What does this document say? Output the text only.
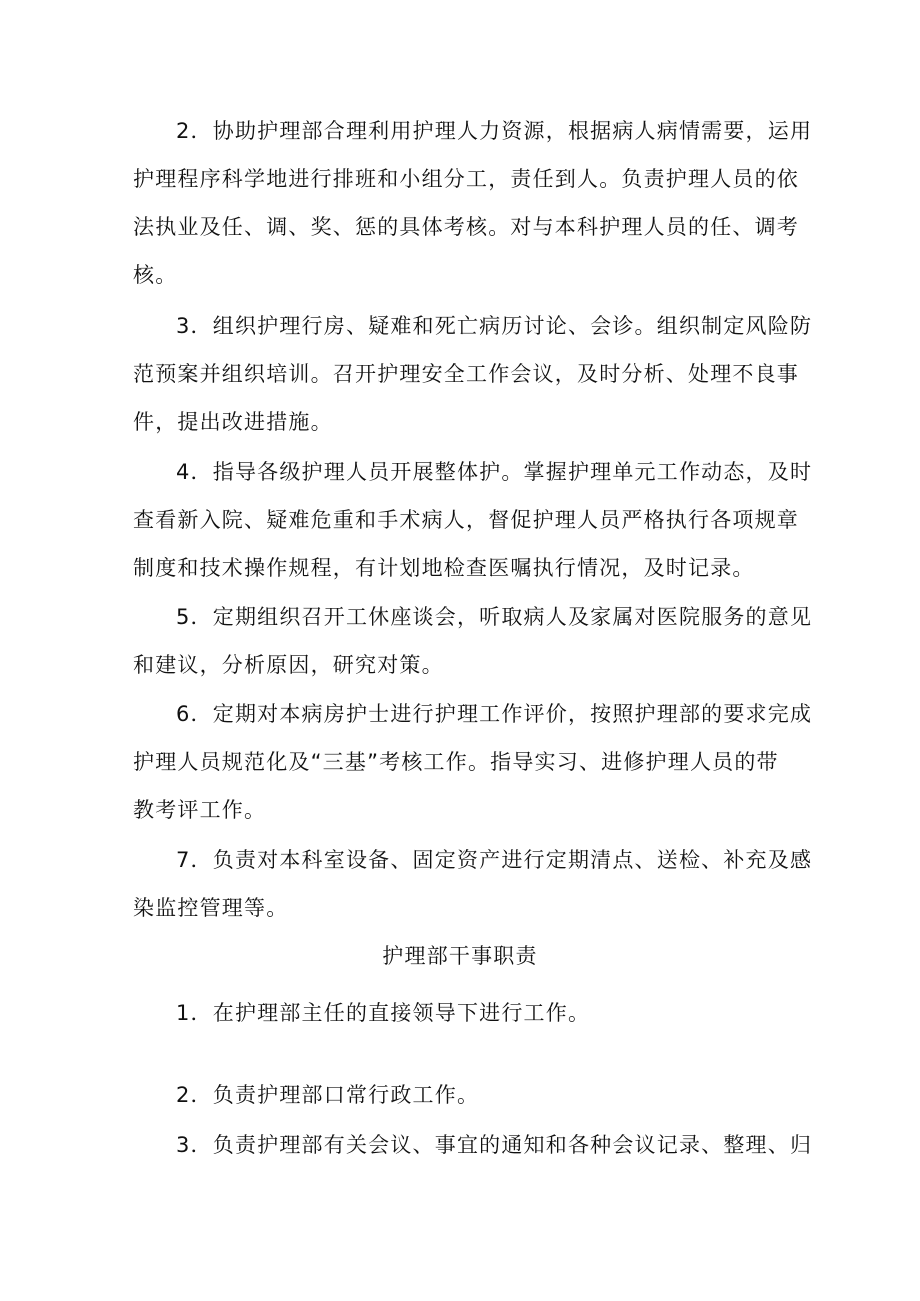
2．协助护理部合理利用护理人力资源，根据病人病情需要，运用
护理程序科学地进行排班和小组分工，责任到人。负责护理人员的依
法执业及任、调、奖、惩的具体考核。对与本科护理人员的任、调考
核。
3．组织护理行房、疑难和死亡病历讨论、会诊。组织制定风险防
范预案并组织培训。召开护理安全工作会议，及时分析、处理不良事
件，提出改进措施。
4．指导各级护理人员开展整体护。掌握护理单元工作动态，及时
查看新入院、疑难危重和手术病人，督促护理人员严格执行各项规章
制度和技术操作规程，有计划地检查医嘱执行情况，及时记录。
5．定期组织召开工休座谈会，听取病人及家属对医院服务的意见
和建议，分析原因，研究对策。
6．定期对本病房护士进行护理工作评价，按照护理部的要求完成
护理人员规范化及“三基”考核工作。指导实习、进修护理人员的带
教考评工作。
7．负责对本科室设备、固定资产进行定期清点、送检、补充及感
染监控管理等。
护理部干事职责
1．在护理部主任的直接领导下进行工作。
2．负责护理部口常行政工作。
3．负责护理部有关会议、事宜的通知和各种会议记录、整理、归
